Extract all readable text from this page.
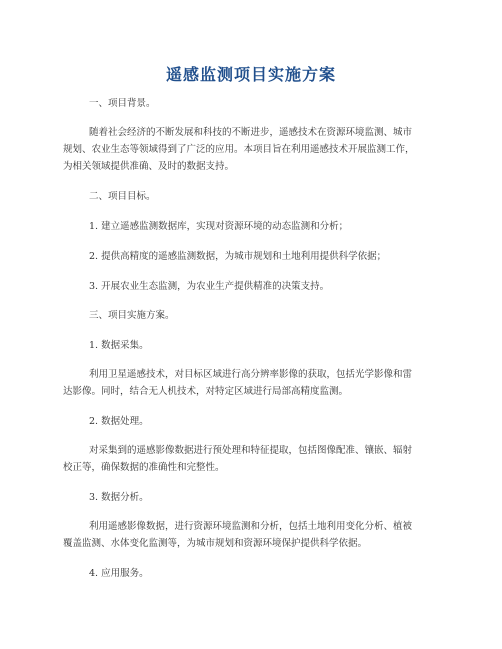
遥感监测项目实施方案
一、项目背景。
随着社会经济的不断发展和科技的不断进步，遥感技术在资源环境监测、城市
规划、农业生态等领域得到了广泛的应用。本项目旨在利用遥感技术开展监测工作，
为相关领域提供准确、及时的数据支持。
二、项目目标。
1. 建立遥感监测数据库，实现对资源环境的动态监测和分析；
2. 提供高精度的遥感监测数据，为城市规划和土地利用提供科学依据；
3. 开展农业生态监测，为农业生产提供精准的决策支持。
三、项目实施方案。
1. 数据采集。
利用卫星遥感技术，对目标区域进行高分辨率影像的获取，包括光学影像和雷
达影像。同时，结合无人机技术，对特定区域进行局部高精度监测。
2. 数据处理。
对采集到的遥感影像数据进行预处理和特征提取，包括图像配准、镶嵌、辐射
校正等，确保数据的准确性和完整性。
3. 数据分析。
利用遥感影像数据，进行资源环境监测和分析，包括土地利用变化分析、植被
覆盖监测、水体变化监测等，为城市规划和资源环境保护提供科学依据。
4. 应用服务。
